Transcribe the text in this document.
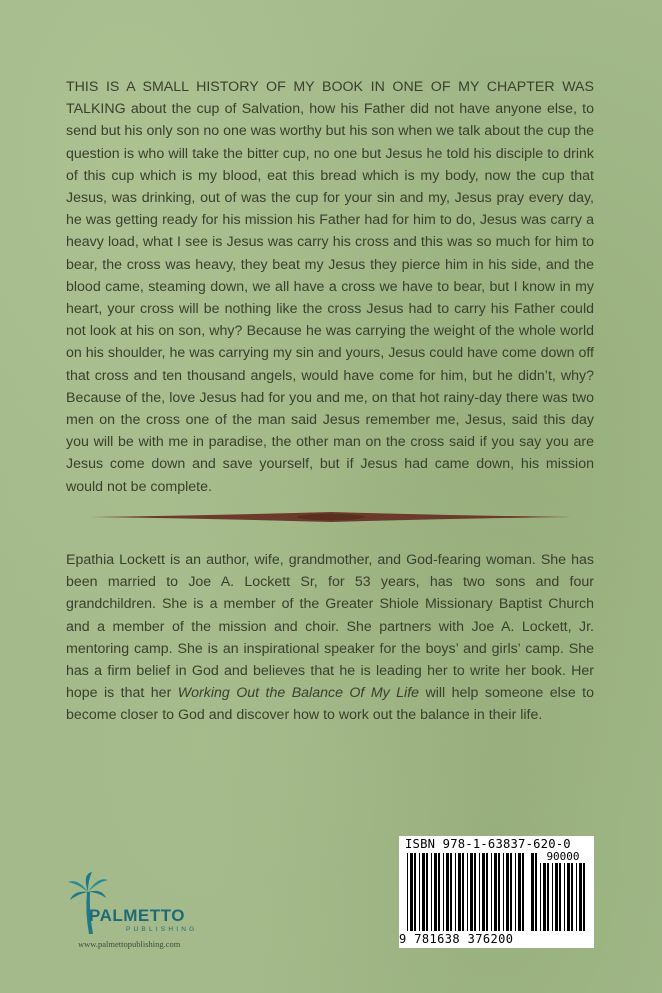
THIS IS A SMALL HISTORY OF MY BOOK IN ONE OF MY CHAPTER WAS TALKING about the cup of Salvation, how his Father did not have anyone else, to send but his only son no one was worthy but his son when we talk about the cup the question is who will take the bitter cup, no one but Jesus he told his disciple to drink of this cup which is my blood, eat this bread which is my body, now the cup that Jesus, was drinking, out of was the cup for your sin and my, Jesus pray every day, he was getting ready for his mission his Father had for him to do, Jesus was carry a heavy load, what I see is Jesus was carry his cross and this was so much for him to bear, the cross was heavy, they beat my Jesus they pierce him in his side, and the blood came, steaming down, we all have a cross we have to bear, but I know in my heart, your cross will be nothing like the cross Jesus had to carry his Father could not look at his on son, why? Because he was carrying the weight of the whole world on his shoulder, he was carrying my sin and yours, Jesus could have come down off that cross and ten thousand angels, would have come for him, but he didn’t, why? Because of the, love Jesus had for you and me, on that hot rainy-day there was two men on the cross one of the man said Jesus remember me, Jesus, said this day you will be with me in paradise, the other man on the cross said if you say you are Jesus come down and save yourself, but if Jesus had came down, his mission would not be complete.

Epathia Lockett is an author, wife, grandmother, and God-fearing woman. She has been married to Joe A. Lockett Sr, for 53 years, has two sons and four grandchildren. She is a member of the Greater Shiole Missionary Baptist Church and a member of the mission and choir. She partners with Joe A. Lockett, Jr. mentoring camp. She is an inspirational speaker for the boys’ and girls’ camp. She has a firm belief in God and believes that he is leading her to write her book. Her hope is that her Working Out the Balance Of My Life will help someone else to become closer to God and discover how to work out the balance in their life.

ISBN 978-1-63837-620-0
90000
9 781638 376200
PALMETTO
PUBLISHING
www.palmettopublishing.com
